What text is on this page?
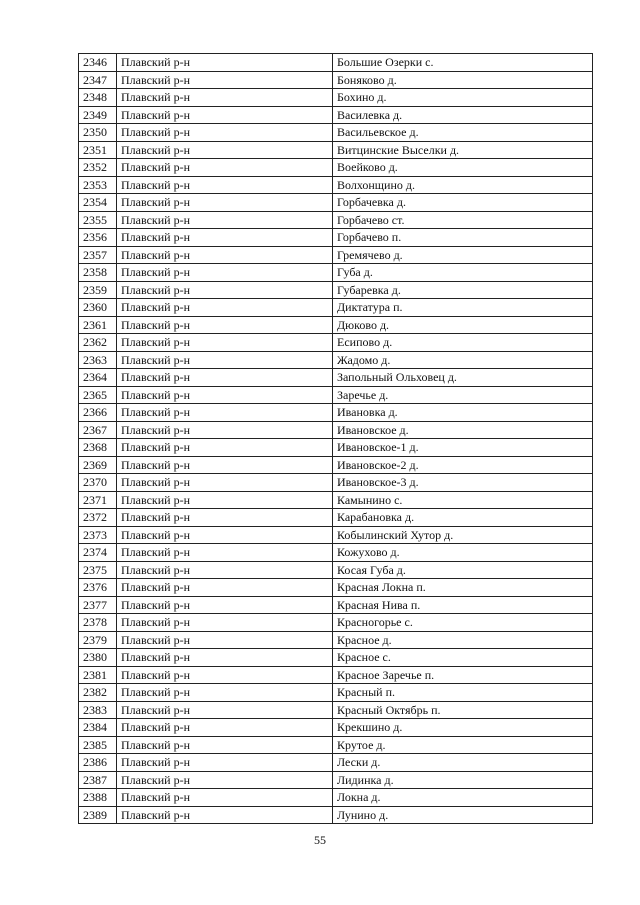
2346	Плавский р-н	Большие Озерки с.
2347	Плавский р-н	Боняково д.
2348	Плавский р-н	Бохино д.
2349	Плавский р-н	Василевка д.
2350	Плавский р-н	Васильевское д.
2351	Плавский р-н	Витцинские Выселки д.
2352	Плавский р-н	Воейково д.
2353	Плавский р-н	Волхонщино д.
2354	Плавский р-н	Горбачевка д.
2355	Плавский р-н	Горбачево ст.
2356	Плавский р-н	Горбачево п.
2357	Плавский р-н	Гремячево д.
2358	Плавский р-н	Губа д.
2359	Плавский р-н	Губаревка д.
2360	Плавский р-н	Диктатура п.
2361	Плавский р-н	Дюково д.
2362	Плавский р-н	Есипово д.
2363	Плавский р-н	Жадомо д.
2364	Плавский р-н	Запольный Ольховец д.
2365	Плавский р-н	Заречье д.
2366	Плавский р-н	Ивановка д.
2367	Плавский р-н	Ивановское д.
2368	Плавский р-н	Ивановское-1 д.
2369	Плавский р-н	Ивановское-2 д.
2370	Плавский р-н	Ивановское-3 д.
2371	Плавский р-н	Камынино с.
2372	Плавский р-н	Карабановка д.
2373	Плавский р-н	Кобылинский Хутор д.
2374	Плавский р-н	Кожухово д.
2375	Плавский р-н	Косая Губа д.
2376	Плавский р-н	Красная Локна п.
2377	Плавский р-н	Красная Нива п.
2378	Плавский р-н	Красногорье с.
2379	Плавский р-н	Красное д.
2380	Плавский р-н	Красное с.
2381	Плавский р-н	Красное Заречье п.
2382	Плавский р-н	Красный п.
2383	Плавский р-н	Красный Октябрь п.
2384	Плавский р-н	Крекшино д.
2385	Плавский р-н	Крутое д.
2386	Плавский р-н	Лески д.
2387	Плавский р-н	Лидинка д.
2388	Плавский р-н	Локна д.
2389	Плавский р-н	Лунино д.
55
